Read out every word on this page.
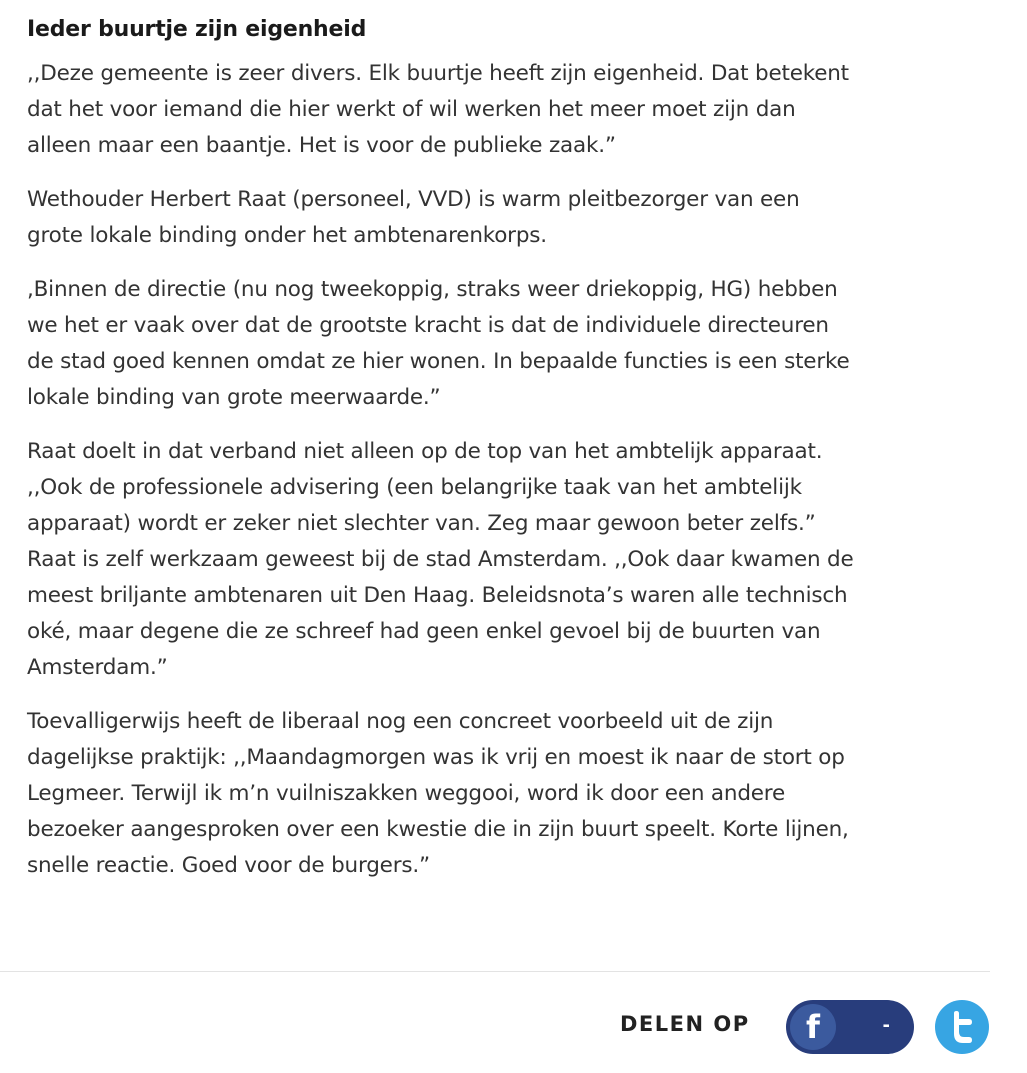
Ieder buurtje zijn eigenheid

,,Deze gemeente is zeer divers. Elk buurtje heeft zijn eigenheid. Dat betekent
dat het voor iemand die hier werkt of wil werken het meer moet zijn dan
alleen maar een baantje. Het is voor de publieke zaak.”

Wethouder Herbert Raat (personeel, VVD) is warm pleitbezorger van een
grote lokale binding onder het ambtenarenkorps.

,Binnen de directie (nu nog tweekoppig, straks weer driekoppig, HG) hebben
we het er vaak over dat de grootste kracht is dat de individuele directeuren
de stad goed kennen omdat ze hier wonen. In bepaalde functies is een sterke
lokale binding van grote meerwaarde.”

Raat doelt in dat verband niet alleen op de top van het ambtelijk apparaat.
,,Ook de professionele advisering (een belangrijke taak van het ambtelijk
apparaat) wordt er zeker niet slechter van. Zeg maar gewoon beter zelfs.”
Raat is zelf werkzaam geweest bij de stad Amsterdam. ,,Ook daar kwamen de
meest briljante ambtenaren uit Den Haag. Beleidsnota’s waren alle technisch
oké, maar degene die ze schreef had geen enkel gevoel bij de buurten van
Amsterdam.”

Toevalligerwijs heeft de liberaal nog een concreet voorbeeld uit de zijn
dagelijkse praktijk: ,,Maandagmorgen was ik vrij en moest ik naar de stort op
Legmeer. Terwijl ik m’n vuilniszakken weggooi, word ik door een andere
bezoeker aangesproken over een kwestie die in zijn buurt speelt. Korte lijnen,
snelle reactie. Goed voor de burgers.”

DELEN OP	f	-
